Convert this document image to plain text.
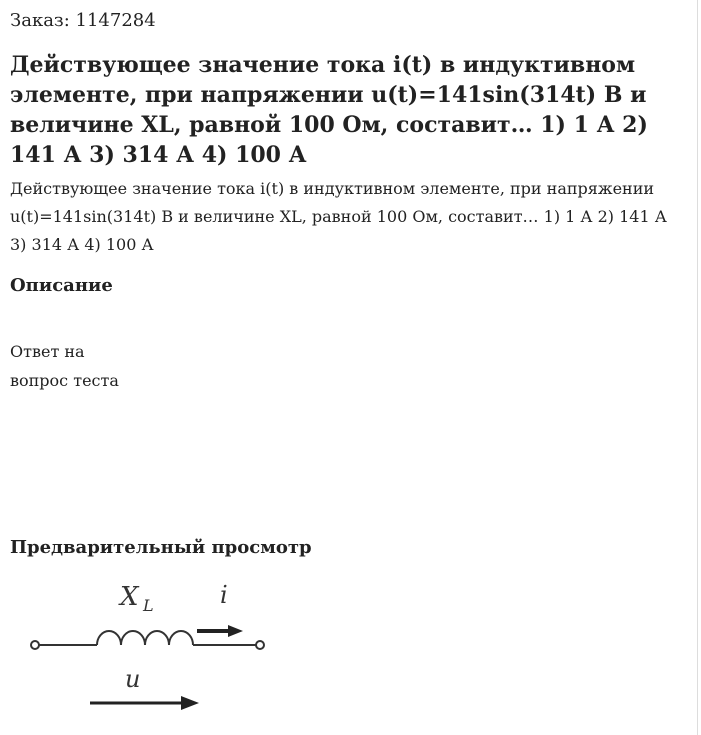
Заказ: 1147284
Действующее значение тока i(t) в индуктивном элементе, при напряжении u(t)=141sin(314t) В и величине XL, равной 100 Ом, составит… 1) 1 А 2) 141 А 3) 314 А 4) 100 А
Действующее значение тока i(t) в индуктивном элементе, при напряжении u(t)=141sin(314t) В и величине XL, равной 100 Ом, составит… 1) 1 А 2) 141 А 3) 314 А 4) 100 А
Описание
Ответ на
вопрос теста
Предварительный просмотр
X L	i
u
